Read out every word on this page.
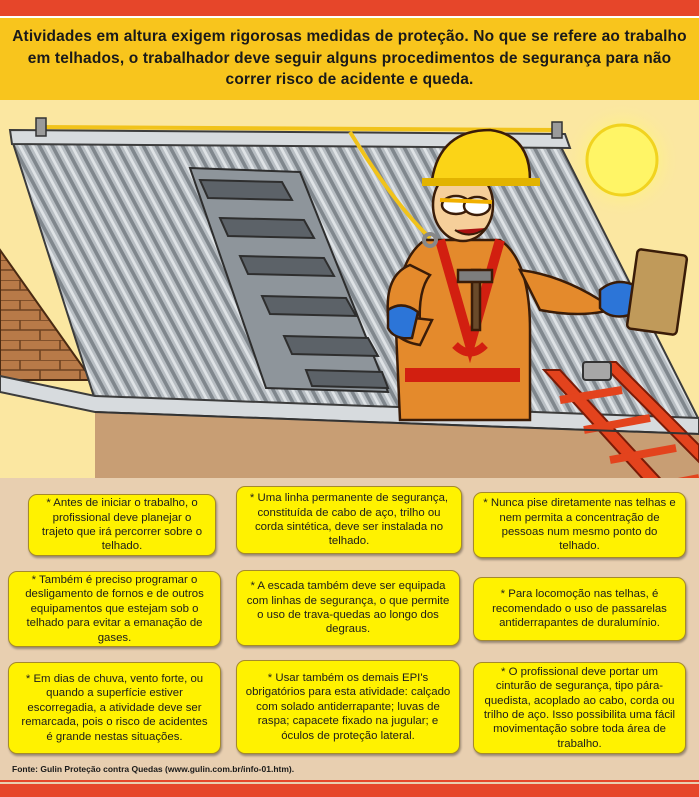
Atividades em altura exigem rigorosas medidas de proteção. No que se refere ao trabalho em telhados, o trabalhador deve seguir alguns procedimentos de segurança para não correr risco de acidente e queda.
* Antes de iniciar o trabalho, o profissional deve planejar o trajeto que irá percorrer sobre o telhado.
* Uma linha permanente de segurança, constituída de cabo de aço, trilho ou corda sintética, deve ser instalada no telhado.
* Nunca pise diretamente nas telhas e nem permita a concentração de pessoas num mesmo ponto do telhado.
* Também é preciso programar o desligamento de fornos e de outros equipamentos que estejam sob o telhado para evitar a emanação de gases.
* A escada também deve ser equipada com linhas de segurança, o que permite o uso de trava-quedas ao longo dos degraus.
* Para locomoção nas telhas, é recomendado o uso de passarelas antiderrapantes de duralumínio.
* Em dias de chuva, vento forte, ou quando a superfície estiver escorregadia, a atividade deve ser remarcada, pois o risco de acidentes é grande nestas situações.
* Usar também os demais EPI's obrigatórios para esta atividade: calçado com solado antiderrapante; luvas de raspa; capacete fixado na jugular; e óculos de proteção lateral.
* O profissional deve portar um cinturão de segurança, tipo pára-quedista, acoplado ao cabo, corda ou trilho de aço. Isso possibilita uma fácil movimentação sobre toda área de trabalho.
Fonte: Gulin Proteção contra Quedas (www.gulin.com.br/info-01.htm).
